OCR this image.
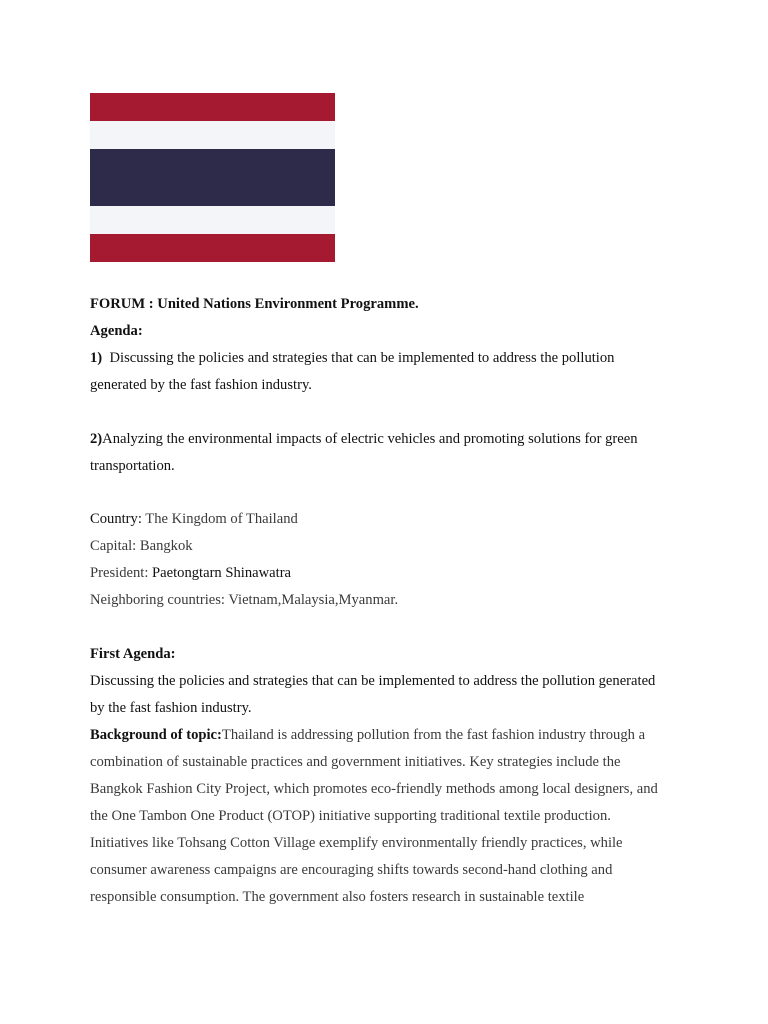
FORUM : United Nations Environment Programme.
Agenda:
1) Discussing the policies and strategies that can be implemented to address the pollution
generated by the fast fashion industry.
2)Analyzing the environmental impacts of electric vehicles and promoting solutions for green
transportation.
Country: The Kingdom of Thailand
Capital: Bangkok
President: Paetongtarn Shinawatra
Neighboring countries: Vietnam,Malaysia,Myanmar.
First Agenda:
Discussing the policies and strategies that can be implemented to address the pollution generated
by the fast fashion industry.
Background of topic:Thailand is addressing pollution from the fast fashion industry through a
combination of sustainable practices and government initiatives. Key strategies include the
Bangkok Fashion City Project, which promotes eco-friendly methods among local designers, and
the One Tambon One Product (OTOP) initiative supporting traditional textile production.
Initiatives like Tohsang Cotton Village exemplify environmentally friendly practices, while
consumer awareness campaigns are encouraging shifts towards second-hand clothing and
responsible consumption. The government also fosters research in sustainable textile
